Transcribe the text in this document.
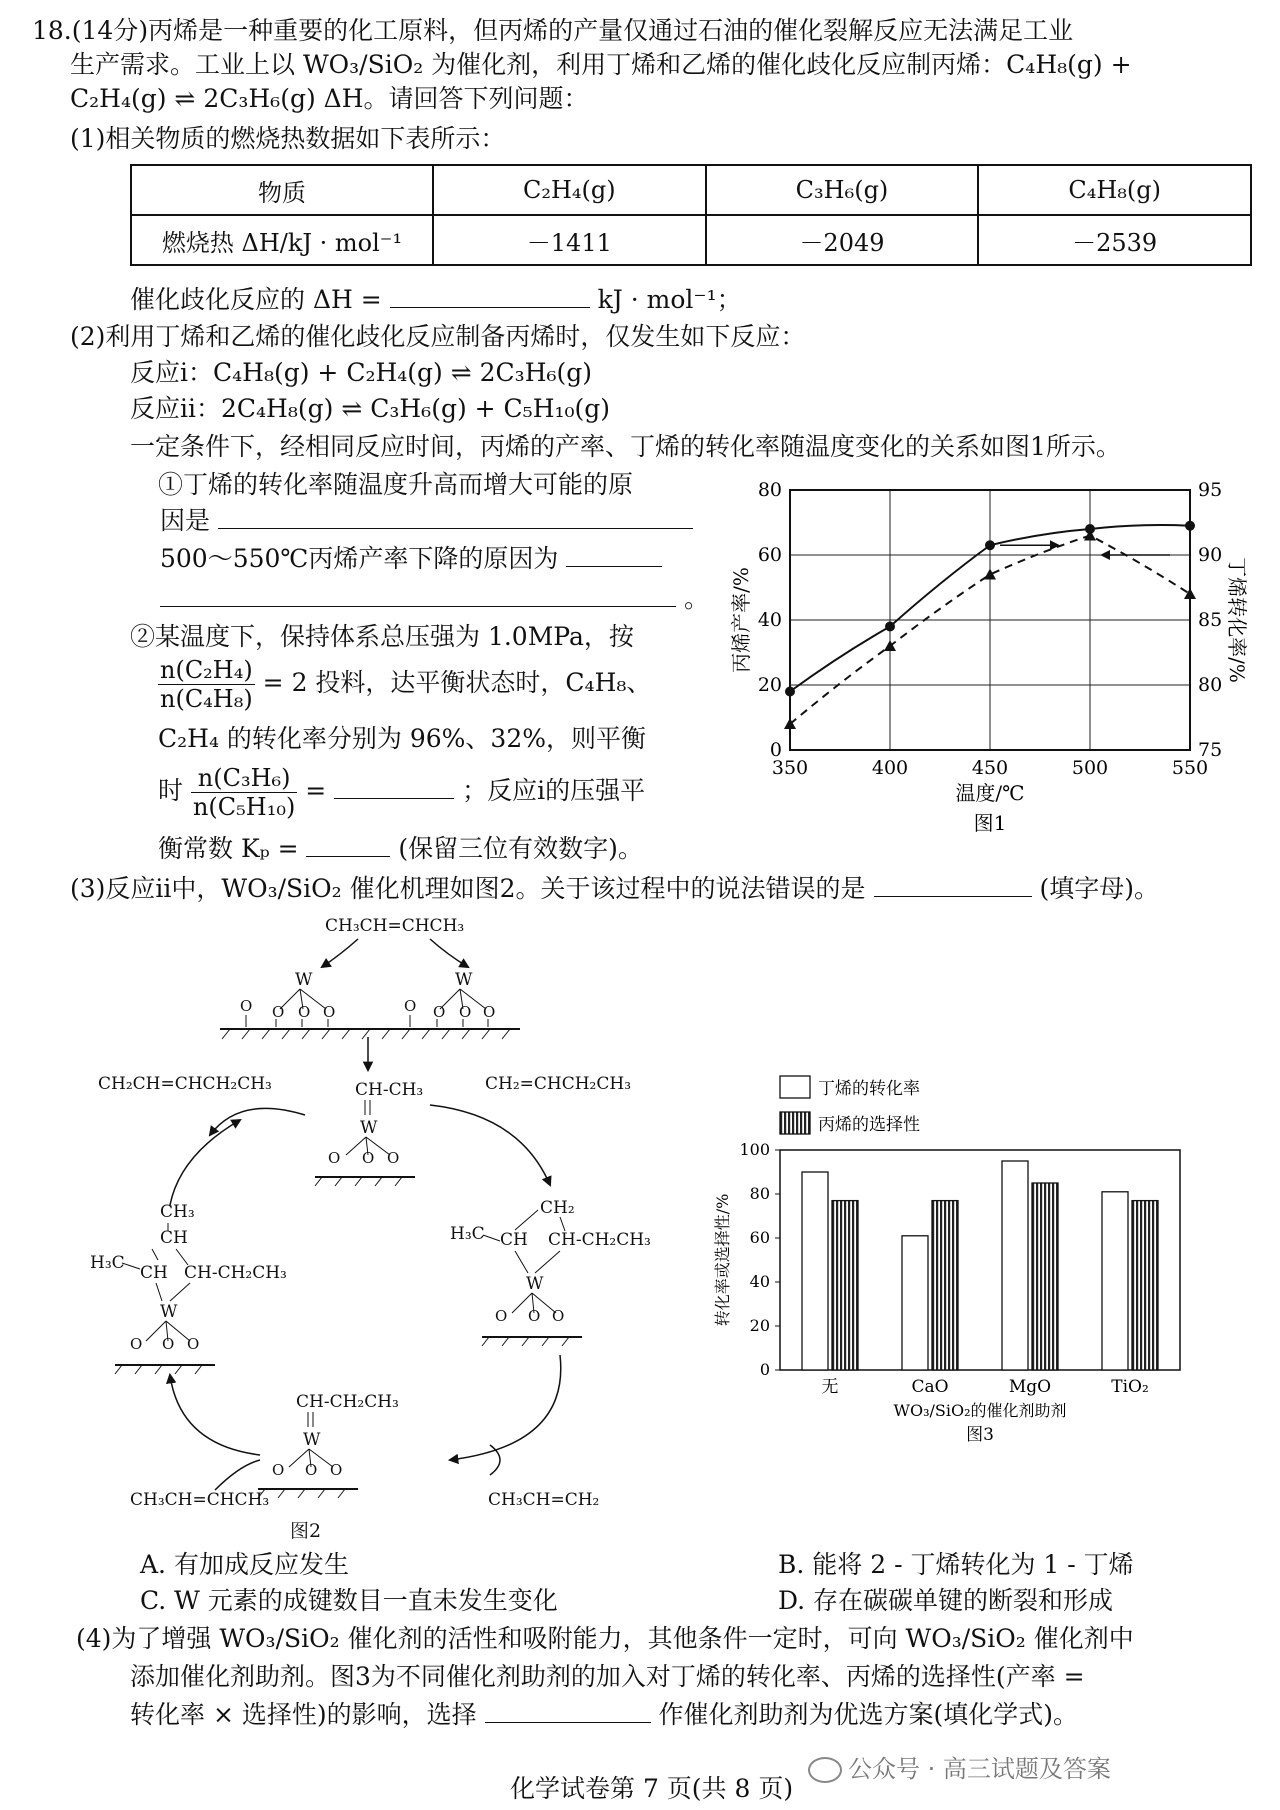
18.(14分)丙烯是一种重要的化工原料，但丙烯的产量仅通过石油的催化裂解反应无法满足工业
生产需求。工业上以 WO₃/SiO₂ 为催化剂，利用丁烯和乙烯的催化歧化反应制丙烯：C₄H₈(g) +
C₂H₄(g) ⇌ 2C₃H₆(g) ΔH。请回答下列问题：
(1)相关物质的燃烧热数据如下表所示：
物质	C₂H₄(g)	C₃H₆(g)	C₄H₈(g)
燃烧热 ΔH/kJ · mol⁻¹	－1411	－2049	－2539
催化歧化反应的 ΔH =	kJ · mol⁻¹；
(2)利用丁烯和乙烯的催化歧化反应制备丙烯时，仅发生如下反应：
反应ⅰ：C₄H₈(g) + C₂H₄(g) ⇌ 2C₃H₆(g)
反应ⅱ：2C₄H₈(g) ⇌ C₃H₆(g) + C₅H₁₀(g)
一定条件下，经相同反应时间，丙烯的产率、丁烯的转化率随温度变化的关系如图1所示。
①丁烯的转化率随温度升高而增大可能的原
因是
500～550℃丙烯产率下降的原因为
。
②某温度下，保持体系总压强为 1.0MPa，按
$\frac{\text{n(C₂H₄)}}{\text{n(C₄H₈)}} = 2$ 投料，达平衡状态时，C₄H₈、
C₂H₄ 的转化率分别为 96%、32%，则平衡
时 $\frac{\text{n(C₃H₆)}}{\text{n(C₅H₁₀)}}$ =	；反应ⅰ的压强平
衡常数 Kₚ =	(保留三位有效数字)。
(3)反应ⅱ中，WO₃/SiO₂ 催化机理如图2。关于该过程中的说法错误的是	(填字母)。
350	400	450	500	550
0
20
40
60
80
75
80
85
90
95
温度/℃
图1
丙烯产率/%	丁烯转化率/%
CH₃CH=CHCH₃
W
O O O O
W
O O O O
CH-CH₃
W
O O O
CH₂CH=CHCH₂CH₃	CH₂=CHCH₂CH₃
CH₃
CH
H₃C CH CH-CH₂CH₃
W
O O O
CH₂
H₃C CH CH-CH₂CH₃
W
O O O
CH-CH₂CH₃
W
O O O
CH₃CH=CH₂
CH₃CH=CHCH₃
图2
0
20
40
60
80
100
无	CaO	MgO	TiO₂
WO₃/SiO₂的催化剂助剂
图3
转化率或选择性/%
丁烯的转化率
丙烯的选择性
A. 有加成反应发生	B. 能将 2 - 丁烯转化为 1 - 丁烯
C. W 元素的成键数目一直未发生变化	D. 存在碳碳单键的断裂和形成
(4)为了增强 WO₃/SiO₂ 催化剂的活性和吸附能力，其他条件一定时，可向 WO₃/SiO₂ 催化剂中
添加催化剂助剂。图3为不同催化剂助剂的加入对丁烯的转化率、丙烯的选择性(产率 =
转化率 × 选择性)的影响，选择	作催化剂助剂为优选方案(填化学式)。
公众号 · 高三试题及答案
化学试卷第 7 页(共 8 页)
